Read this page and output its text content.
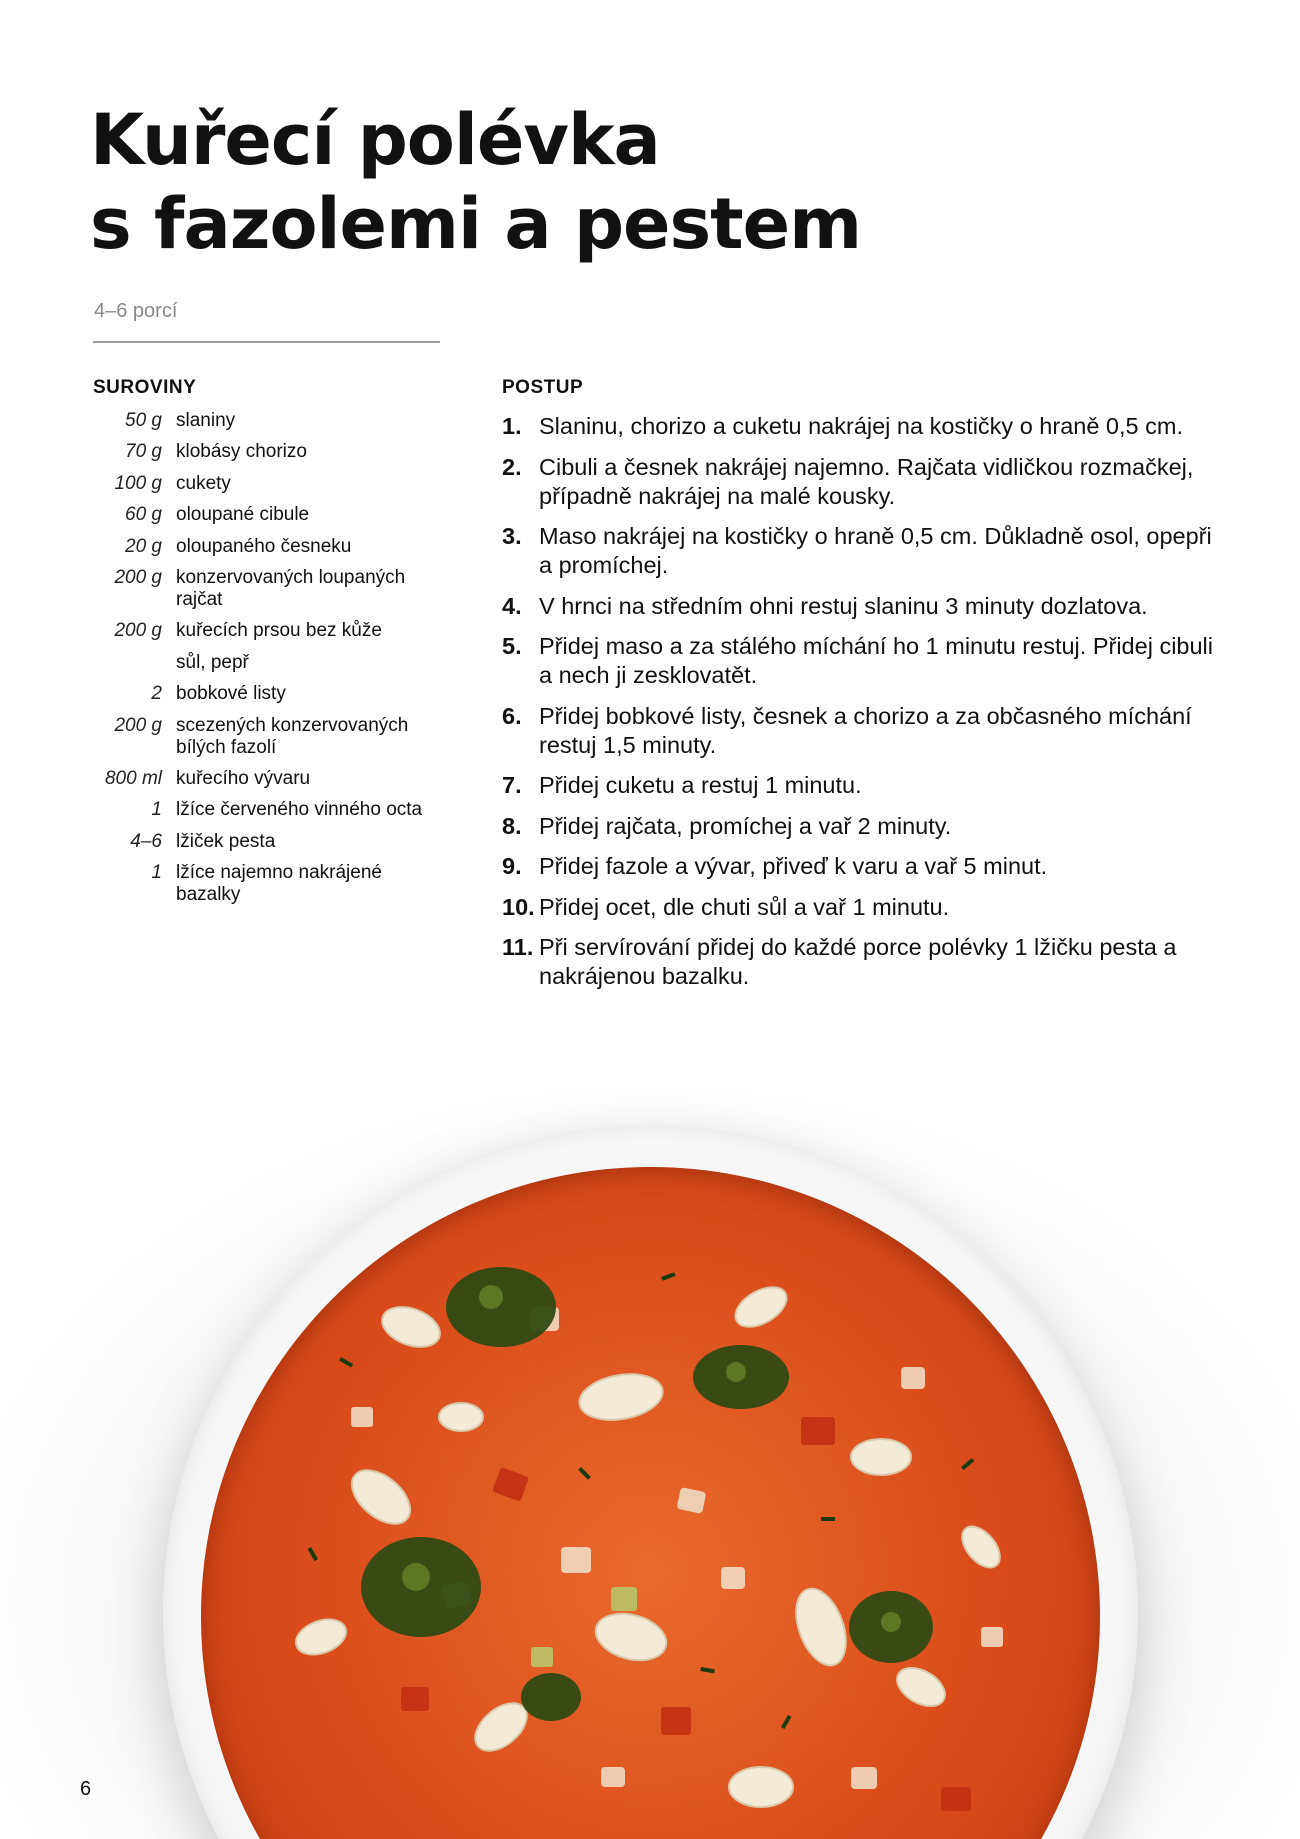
Kuřecí polévka
s fazolemi a pestem
4–6 porcí
SUROVINY
50 g slaniny
70 g klobásy chorizo
100 g cukety
60 g oloupané cibule
20 g oloupaného česneku
200 g konzervovaných loupaných rajčat
200 g kuřecích prsou bez kůže
sůl, pepř
2 bobkové listy
200 g scezených konzervovaných bílých fazolí
800 ml kuřecího vývaru
1 lžíce červeného vinného octa
4–6 lžiček pesta
1 lžíce najemno nakrájené bazalky
POSTUP
1. Slaninu, chorizo a cuketu nakrájej na kostičky o hraně 0,5 cm.
2. Cibuli a česnek nakrájej najemno. Rajčata vidličkou rozmačkej, případně nakrájej na malé kousky.
3. Maso nakrájej na kostičky o hraně 0,5 cm. Důkladně osol, opepři a promíchej.
4. V hrnci na středním ohni restuj slaninu 3 minuty dozlatova.
5. Přidej maso a za stálého míchání ho 1 minutu restuj. Přidej cibuli a nech ji zesklovatět.
6. Přidej bobkové listy, česnek a chorizo a za občasného míchání restuj 1,5 minuty.
7. Přidej cuketu a restuj 1 minutu.
8. Přidej rajčata, promíchej a vař 2 minuty.
9. Přidej fazole a vývar, přiveď k varu a vař 5 minut.
10. Přidej ocet, dle chuti sůl a vař 1 minutu.
11. Při servírování přidej do každé porce polévky 1 lžičku pesta a nakrájenou bazalku.
6
